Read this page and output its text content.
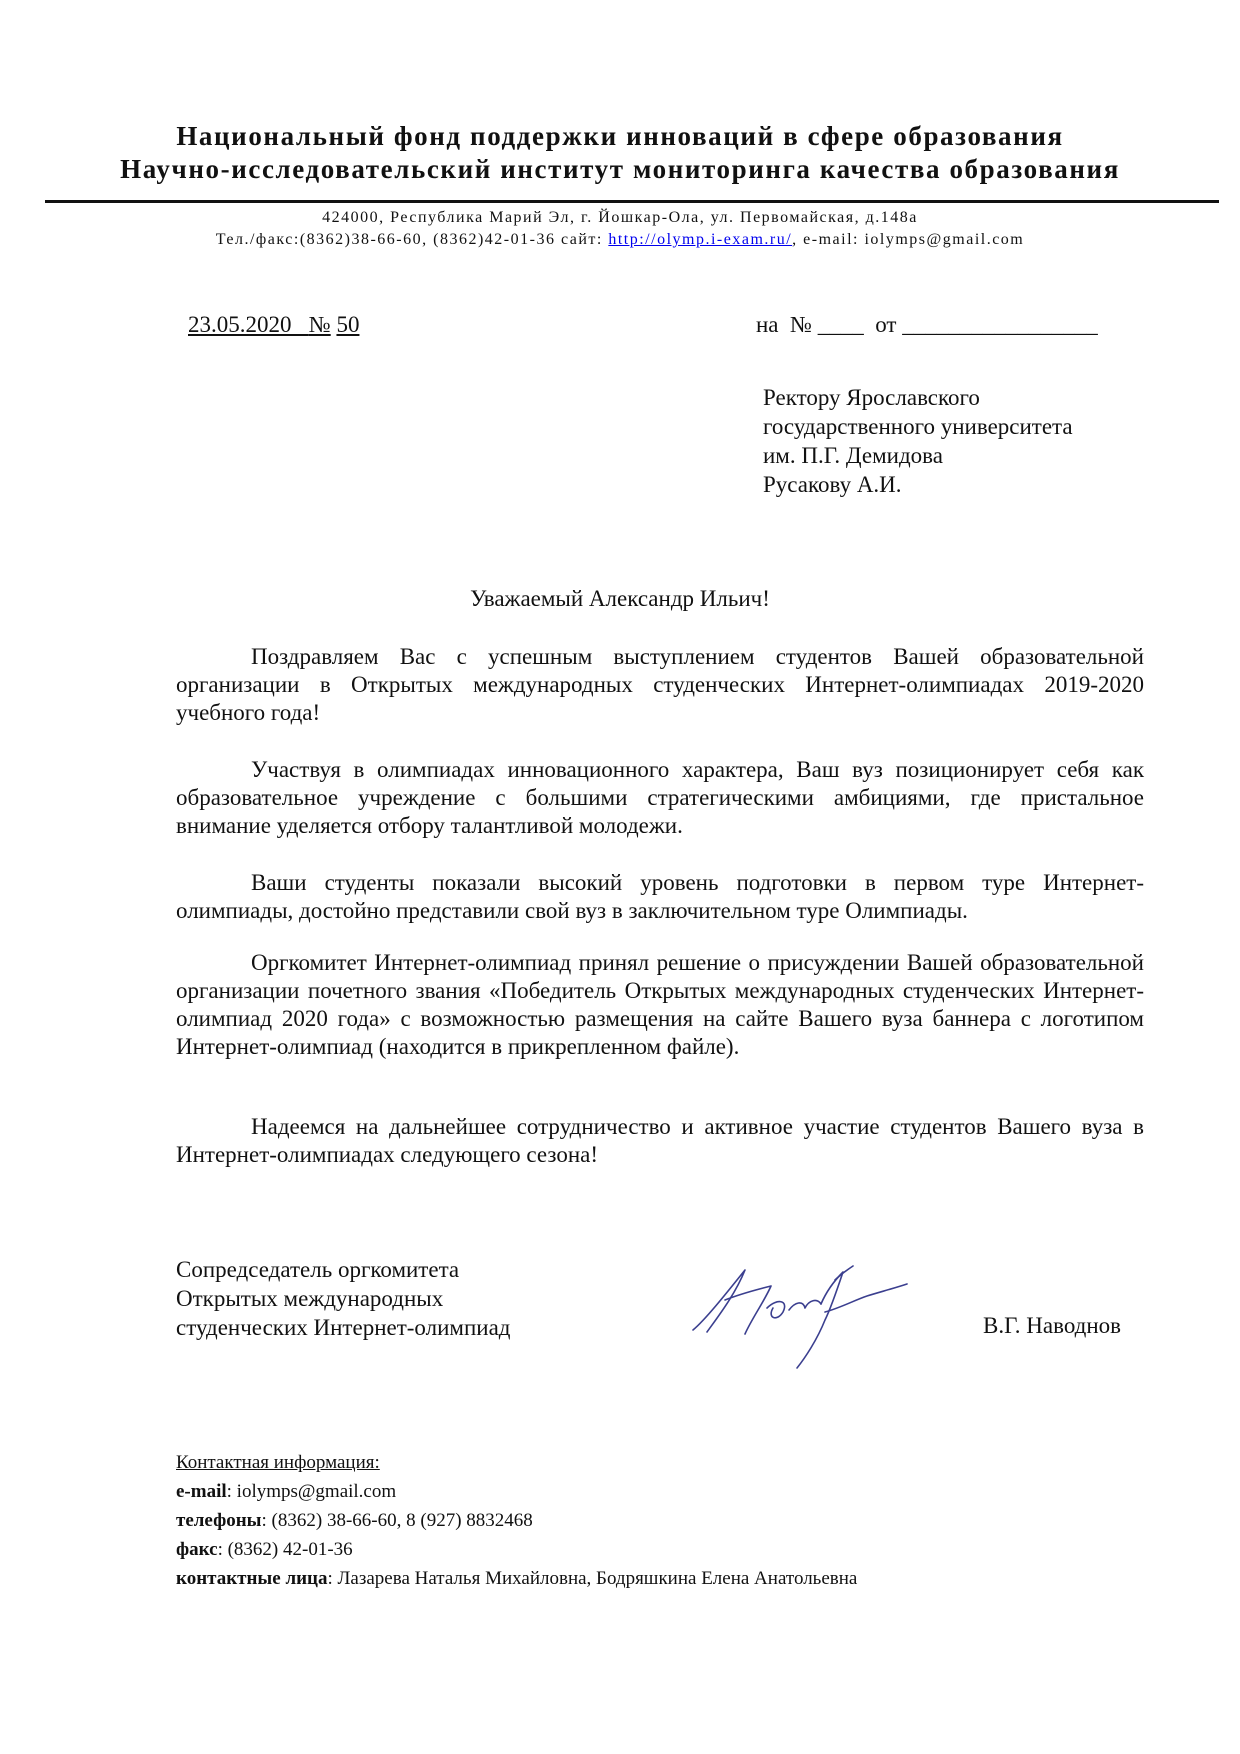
Национальный фонд поддержки инноваций в сфере образования
Научно-исследовательский институт мониторинга качества образования
424000, Республика Марий Эл, г. Йошкар-Ола, ул. Первомайская, д.148а
Тел./факс:(8362)38-66-60, (8362)42-01-36 сайт: http://olymp.i-exam.ru/, e-mail: iolymps@gmail.com
23.05.2020 № 50	на № ____ от _________________
Ректору Ярославского
государственного университета
им. П.Г. Демидова
Русакову А.И.
Уважаемый Александр Ильич!
Поздравляем Вас с успешным выступлением студентов Вашей образовательной организации в Открытых международных студенческих Интернет-олимпиадах 2019-2020 учебного года!
Участвуя в олимпиадах инновационного характера, Ваш вуз позиционирует себя как образовательное учреждение с большими стратегическими амбициями, где пристальное внимание уделяется отбору талантливой молодежи.
Ваши студенты показали высокий уровень подготовки в первом туре Интернет-олимпиады, достойно представили свой вуз в заключительном туре Олимпиады.
Оргкомитет Интернет-олимпиад принял решение о присуждении Вашей образовательной организации почетного звания «Победитель Открытых международных студенческих Интернет-олимпиад 2020 года» с возможностью размещения на сайте Вашего вуза баннера с логотипом Интернет-олимпиад (находится в прикрепленном файле).
Надеемся на дальнейшее сотрудничество и активное участие студентов Вашего вуза в Интернет-олимпиадах следующего сезона!
Сопредседатель оргкомитета
Открытых международных
студенческих Интернет-олимпиад	В.Г. Наводнов
Контактная информация:
e-mail: iolymps@gmail.com
телефоны: (8362) 38-66-60, 8 (927) 8832468
факс: (8362) 42-01-36
контактные лица: Лазарева Наталья Михайловна, Бодряшкина Елена Анатольевна
